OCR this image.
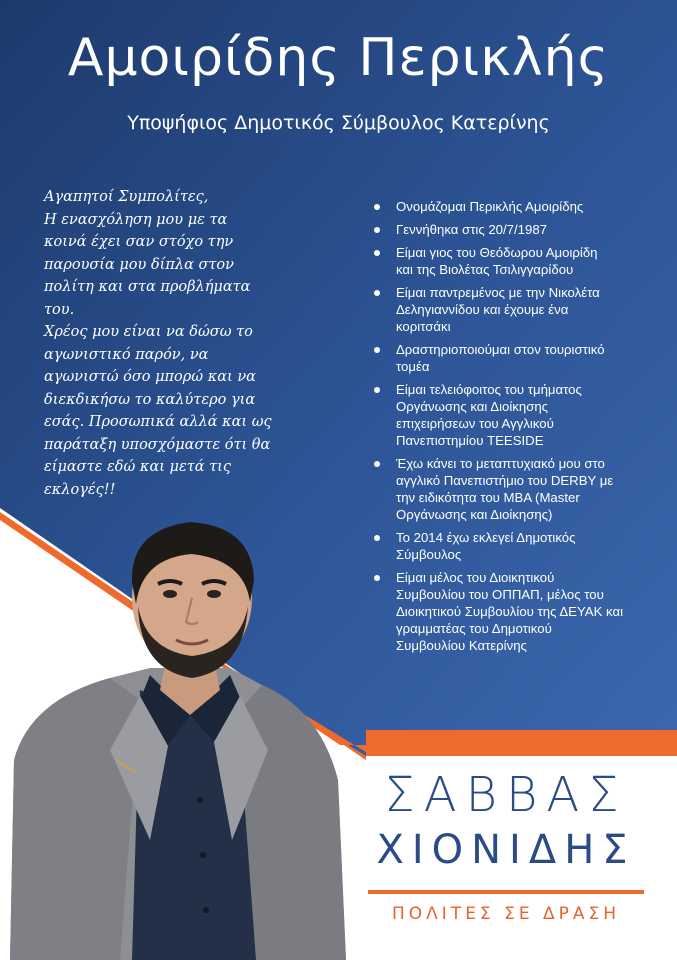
Αμοιρίδης Περικλής
Υποψήφιος Δημοτικός Σύμβουλος Κατερίνης
Αγαπητοί Συμπολίτες,
Η ενασχόληση μου με τα
κοινά έχει σαν στόχο την
παρουσία μου δίπλα στον
πολίτη και στα προβλήματα
του.
Χρέος μου είναι να δώσω το
αγωνιστικό παρόν, να
αγωνιστώ όσο μπορώ και να
διεκδικήσω το καλύτερο για
εσάς. Προσωπικά αλλά και ως
παράταξη υποσχόμαστε ότι θα
είμαστε εδώ και μετά τις
εκλογές!!
Ονομάζομαι Περικλής Αμοιρίδης
Γεννήθηκα στις 20/7/1987
Είμαι γιος του Θεόδωρου Αμοιρίδη
και της Βιολέτας Τσιλιγγαρίδου
Είμαι παντρεμένος με την Νικολέτα
Δεληγιαννίδου και έχουμε ένα
κοριτσάκι
Δραστηριοποιούμαι στον τουριστικό
τομέα
Είμαι τελειόφοιτος του τμήματος
Οργάνωσης και Διοίκησης
επιχειρήσεων του Αγγλικού
Πανεπιστημίου TEESIDE
Έχω κάνει το μεταπτυχιακό μου στο
αγγλικό Πανεπιστήμιο του DERBY με
την ειδικότητα του MBA (Master
Οργάνωσης και Διοίκησης)
Το 2014 έχω εκλεγεί Δημοτικός
Σύμβουλος
Είμαι μέλος του Διοικητικού
Συμβουλίου του ΟΠΠΑΠ, μέλος του
Διοικητικού Συμβουλίου της ΔΕΥΑΚ και
γραμματέας του Δημοτικού
Συμβουλίου Κατερίνης
ΣΑΒΒΑΣ
ΧΙΟΝΙΔΗΣ
ΠΟΛΙΤΕΣ ΣΕ ΔΡΑΣΗ
